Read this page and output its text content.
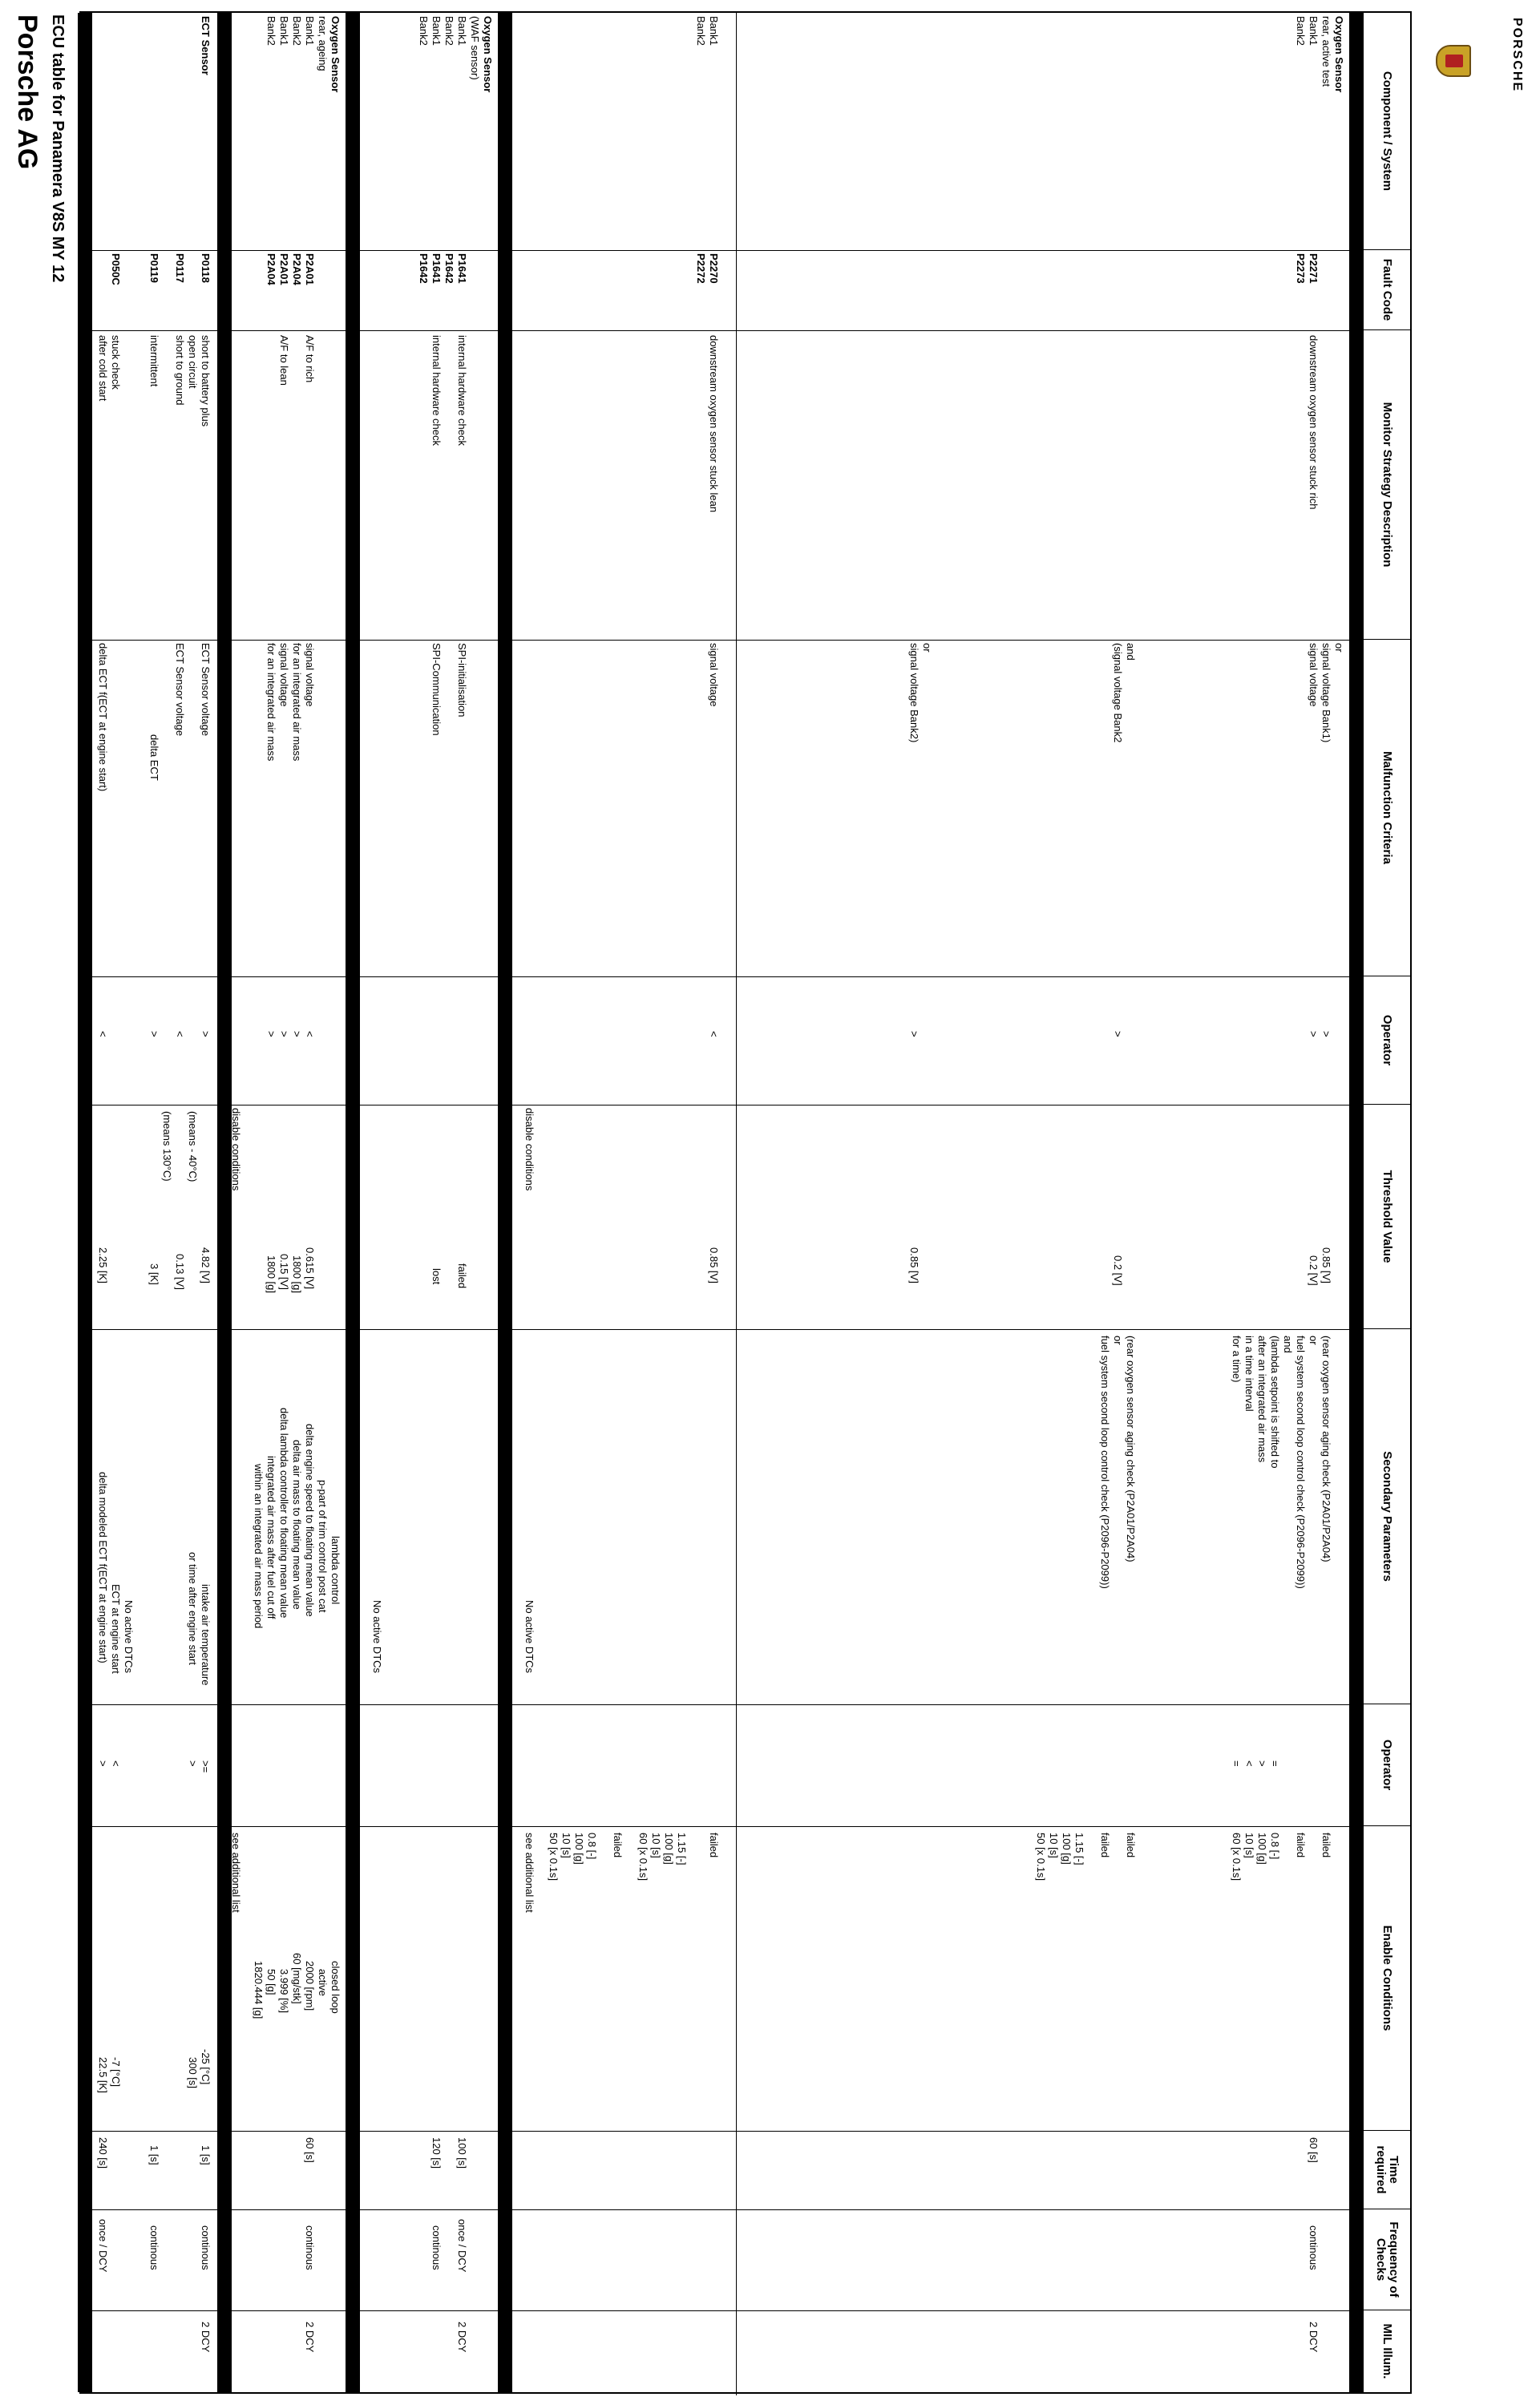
Porsche AG ECU table for Panamera V8S MY 12	PORSCHE
Component / System
Fault Code
Monitor Strategy Description
Malfunction Criteria
Operator
Threshold Value
Secondary Parameters
Operator
Enable Conditions
Time required
Frequency of Checks
MIL Illum.
Oxygen Sensor
rear, active test
Bank1
Bank2
P2271
P2273
downstream oxygen sensor stuck rich
or
signal voltage Bank1)
signal voltage
and
(signal voltage Bank2
or
signal voltage Bank2)
>
>
>
>
0.85 [V]
0.2 [V]
0.2 [V]
0.85 [V]
(rear oxygen sensor aging check (P2A01/P2A04)
or
fuel system second loop control check (P2096-P2099))
and
(lambda setpoint is shifted to
after an integrated air mass
in a time interval
for a time)
(rear oxygen sensor aging check (P2A01/P2A04)
or
fuel system second loop control check (P2096-P2099))
=
>
<
=
failed
failed
0.8 [-]
100 [g]
10 [s]
60 [x 0.1s]
failed
failed
1.15 [-]
100 [g]
10 [s]
50 [x 0.1s]
60 [s]
continous
2 DCY
Bank1
Bank2
P2270
P2272
downstream oxygen sensor stuck lean
signal voltage
<
0.85 [V]
failed
1.15 [-]
100 [g]
10 [s]
60 [x 0.1s]
failed
0.8 [-]
100 [g]
10 [s]
50 [x 0.1s]
disable conditions
No active DTCs
see additional list
Oxygen Sensor
(WAF sensor)
Bank1
Bank2
Bank1
Bank2
P1641
P1642
P1641
P1642
internal hardware check
internal hardware check
SPI-initialisation
SPI-Communication
failed
lost
No active DTCs
100 [s]
120 [s]
once / DCY
continous
2 DCY
Oxygen Sensor
rear, ageing
Bank1
Bank2
Bank1
Bank2
P2A01
P2A04
P2A01
P2A04
A/F to rich
A/F to lean
signal voltage
for an integrated air mass
signal voltage
for an integrated air mass
<
>
>
>
0.615 [V]
1800 [g]
0.15 [V]
1800 [g]
lambda control
p-part of trim control post cat
delta engine speed to floating mean value
delta air mass to floating mean value
delta lambda controller to floating mean value
integrated air mass after fuel cut off
within an integrated air mass period
closed loop
active
2000 [rpm]
60 [mg/stk]
3.999 [%]
50 [g]
1820.444 [g]
60 [s]
continous
2 DCY
ECT Sensor
P0118
P0117
P0119
P050C
short to battery plus
open circuit
short to ground
intermittent
stuck check
after cold start
ECT Sensor voltage
ECT Sensor voltage
delta ECT
delta ECT f(ECT at engine start)
>
<
>
<
4.82 [V]
(means - 40°C)
0.13 [V]
(means 130°C)
3 [K]
2.25 [K]
disable conditions
intake air temperature
or time after engine start
No active DTCs
ECT at engine start
delta modeled ECT f(ECT at engine start)
>=
>
<
>
-25 [°C]
300 [s]
see additional list
-7 [°C]
22.5 [K]
1 [s]
1 [s]
240 [s]
continous
continous
once / DCY
2 DCY
